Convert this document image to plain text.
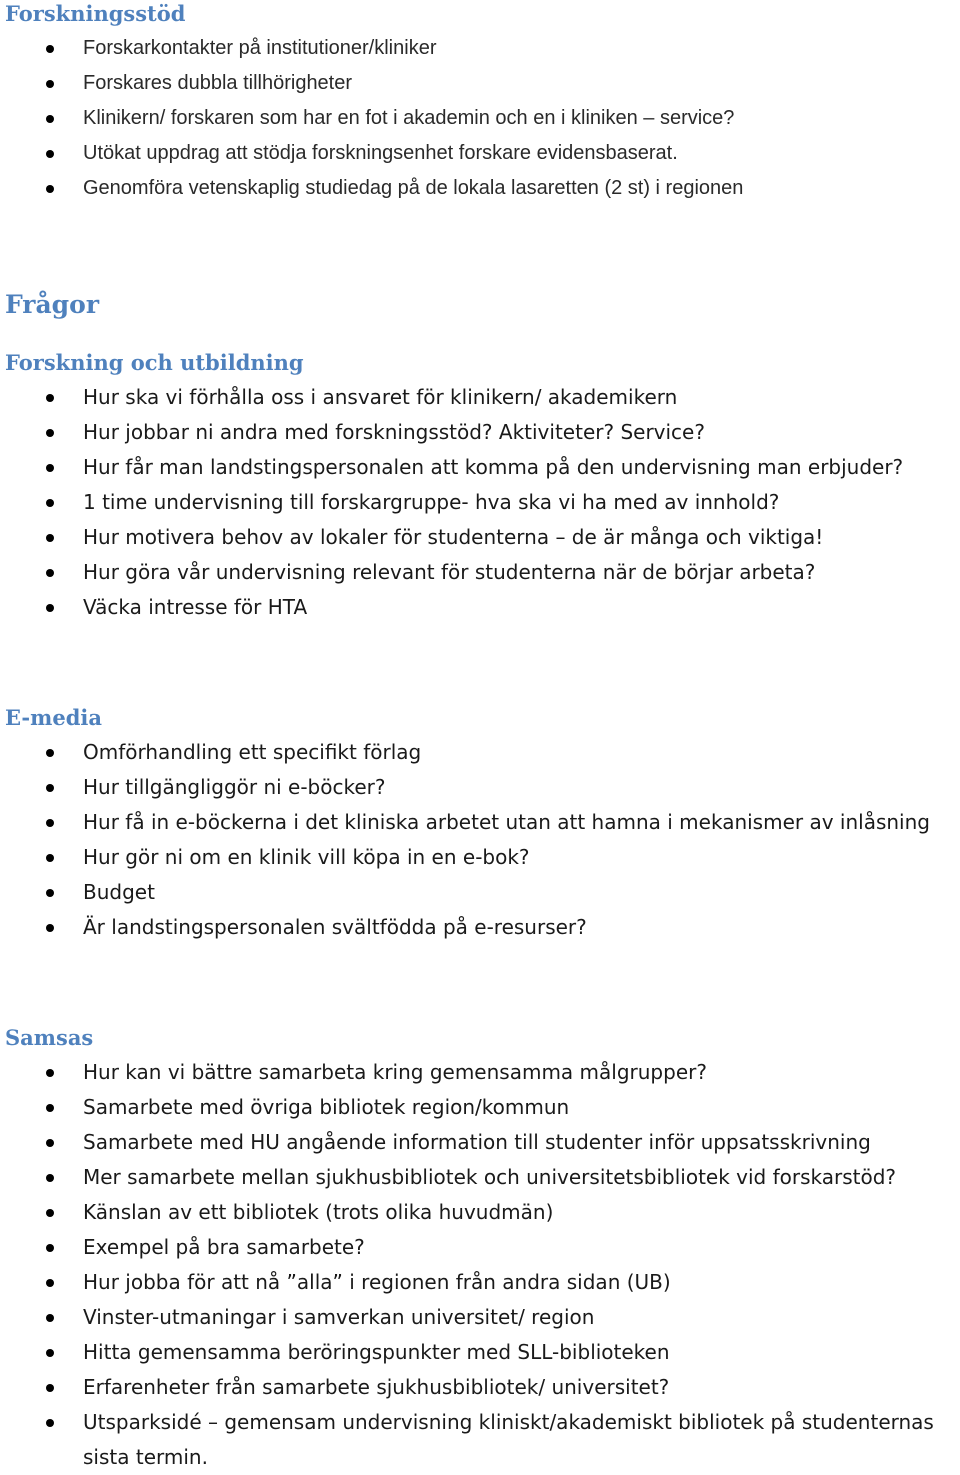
Forskningsstöd
Forskarkontakter på institutioner/kliniker
Forskares dubbla tillhörigheter
Klinikern/ forskaren som har en fot i akademin och en i kliniken – service?
Utökat uppdrag att stödja forskningsenhet forskare evidensbaserat.
Genomföra vetenskaplig studiedag på de lokala lasaretten (2 st) i regionen
Frågor
Forskning och utbildning
Hur ska vi förhålla oss i ansvaret för klinikern/ akademikern
Hur jobbar ni andra med forskningsstöd? Aktiviteter? Service?
Hur får man landstingspersonalen att komma på den undervisning man erbjuder?
1 time undervisning till forskargruppe- hva ska vi ha med av innhold?
Hur motivera behov av lokaler för studenterna – de är många och viktiga!
Hur göra vår undervisning relevant för studenterna när de börjar arbeta?
Väcka intresse för HTA
E-media
Omförhandling ett specifikt förlag
Hur tillgängliggör ni e-böcker?
Hur få in e-böckerna i det kliniska arbetet utan att hamna i mekanismer av inlåsning
Hur gör ni om en klinik vill köpa in en e-bok?
Budget
Är landstingspersonalen svältfödda på e-resurser?
Samsas
Hur kan vi bättre samarbeta kring gemensamma målgrupper?
Samarbete med övriga bibliotek region/kommun
Samarbete med HU angående information till studenter inför uppsatsskrivning
Mer samarbete mellan sjukhusbibliotek och universitetsbibliotek vid forskarstöd?
Känslan av ett bibliotek (trots olika huvudmän)
Exempel på bra samarbete?
Hur jobba för att nå ”alla” i regionen från andra sidan (UB)
Vinster-utmaningar i samverkan universitet/ region
Hitta gemensamma beröringspunkter med SLL-biblioteken
Erfarenheter från samarbete sjukhusbibliotek/ universitet?
Utsparksidé – gemensam undervisning kliniskt/akademiskt bibliotek på studenternas sista termin.
